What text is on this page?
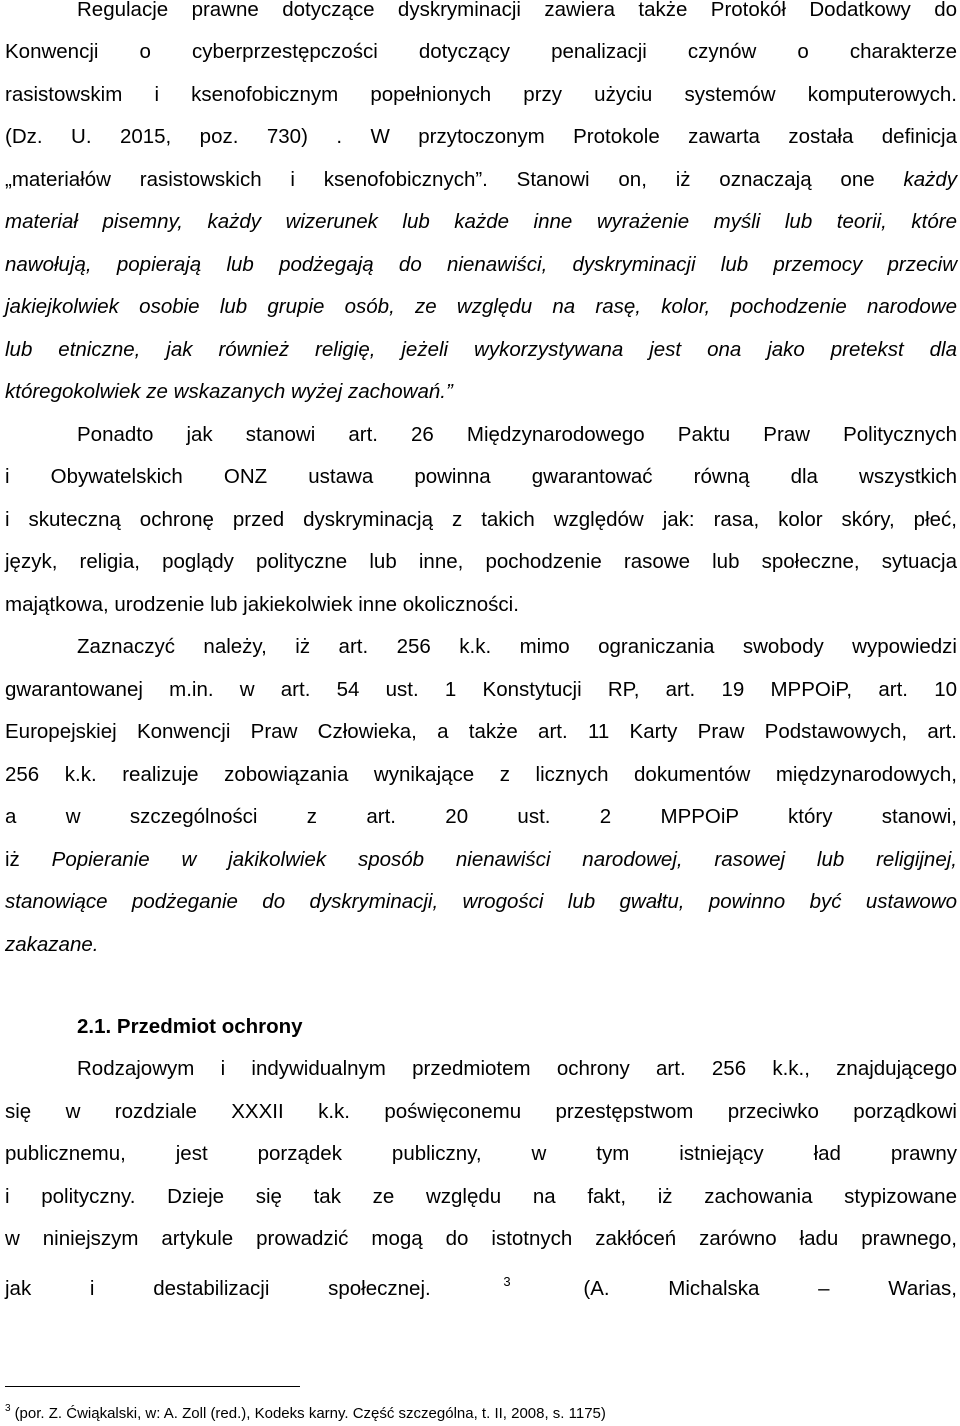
Regulacje prawne dotyczące dyskryminacji zawiera także Protokół Dodatkowy do
Konwencji o cyberprzestępczości dotyczący penalizacji czynów o charakterze
rasistowskim i ksenofobicznym popełnionych przy użyciu systemów komputerowych.
(Dz. U. 2015, poz. 730) . W przytoczonym Protokole zawarta została definicja
„materiałów rasistowskich i ksenofobicznych”. Stanowi on, iż oznaczają one każdy
materiał pisemny, każdy wizerunek lub każde inne wyrażenie myśli lub teorii, które
nawołują, popierają lub podżegają do nienawiści, dyskryminacji lub przemocy przeciw
jakiejkolwiek osobie lub grupie osób, ze względu na rasę, kolor, pochodzenie narodowe
lub etniczne, jak również religię, jeżeli wykorzystywana jest ona jako pretekst dla
któregokolwiek ze wskazanych wyżej zachowań.”
Ponadto jak stanowi art. 26 Międzynarodowego Paktu Praw Politycznych
i Obywatelskich ONZ ustawa powinna gwarantować równą dla wszystkich
i skuteczną ochronę przed dyskryminacją z takich względów jak: rasa, kolor skóry, płeć,
język, religia, poglądy polityczne lub inne, pochodzenie rasowe lub społeczne, sytuacja
majątkowa, urodzenie lub jakiekolwiek inne okoliczności.
Zaznaczyć należy, iż art. 256 k.k. mimo ograniczania swobody wypowiedzi
gwarantowanej m.in. w art. 54 ust. 1 Konstytucji RP, art. 19 MPPOiP, art. 10
Europejskiej Konwencji Praw Człowieka, a także art. 11 Karty Praw Podstawowych, art.
256 k.k. realizuje zobowiązania wynikające z licznych dokumentów międzynarodowych,
a w szczególności z art. 20 ust. 2 MPPOiP który stanowi,
iż Popieranie w jakikolwiek sposób nienawiści narodowej, rasowej lub religijnej,
stanowiące podżeganie do dyskryminacji, wrogości lub gwałtu, powinno być ustawowo
zakazane.
2.1. Przedmiot ochrony
Rodzajowym i indywidualnym przedmiotem ochrony art. 256 k.k., znajdującego
się w rozdziale XXXII k.k. poświęconemu przestępstwom przeciwko porządkowi
publicznemu, jest porządek publiczny, w tym istniejący ład prawny
i polityczny. Dzieje się tak ze względu na fakt, iż zachowania stypizowane
w niniejszym artykule prowadzić mogą do istotnych zakłóceń zarówno ładu prawnego,
jak i destabilizacji społecznej.	3	(A. Michalska – Warias,
$^3$ (por. Z. Ćwiąkalski, w: A. Zoll (red.), Kodeks karny. Część szczególna, t. II, 2008, s. 1175)
